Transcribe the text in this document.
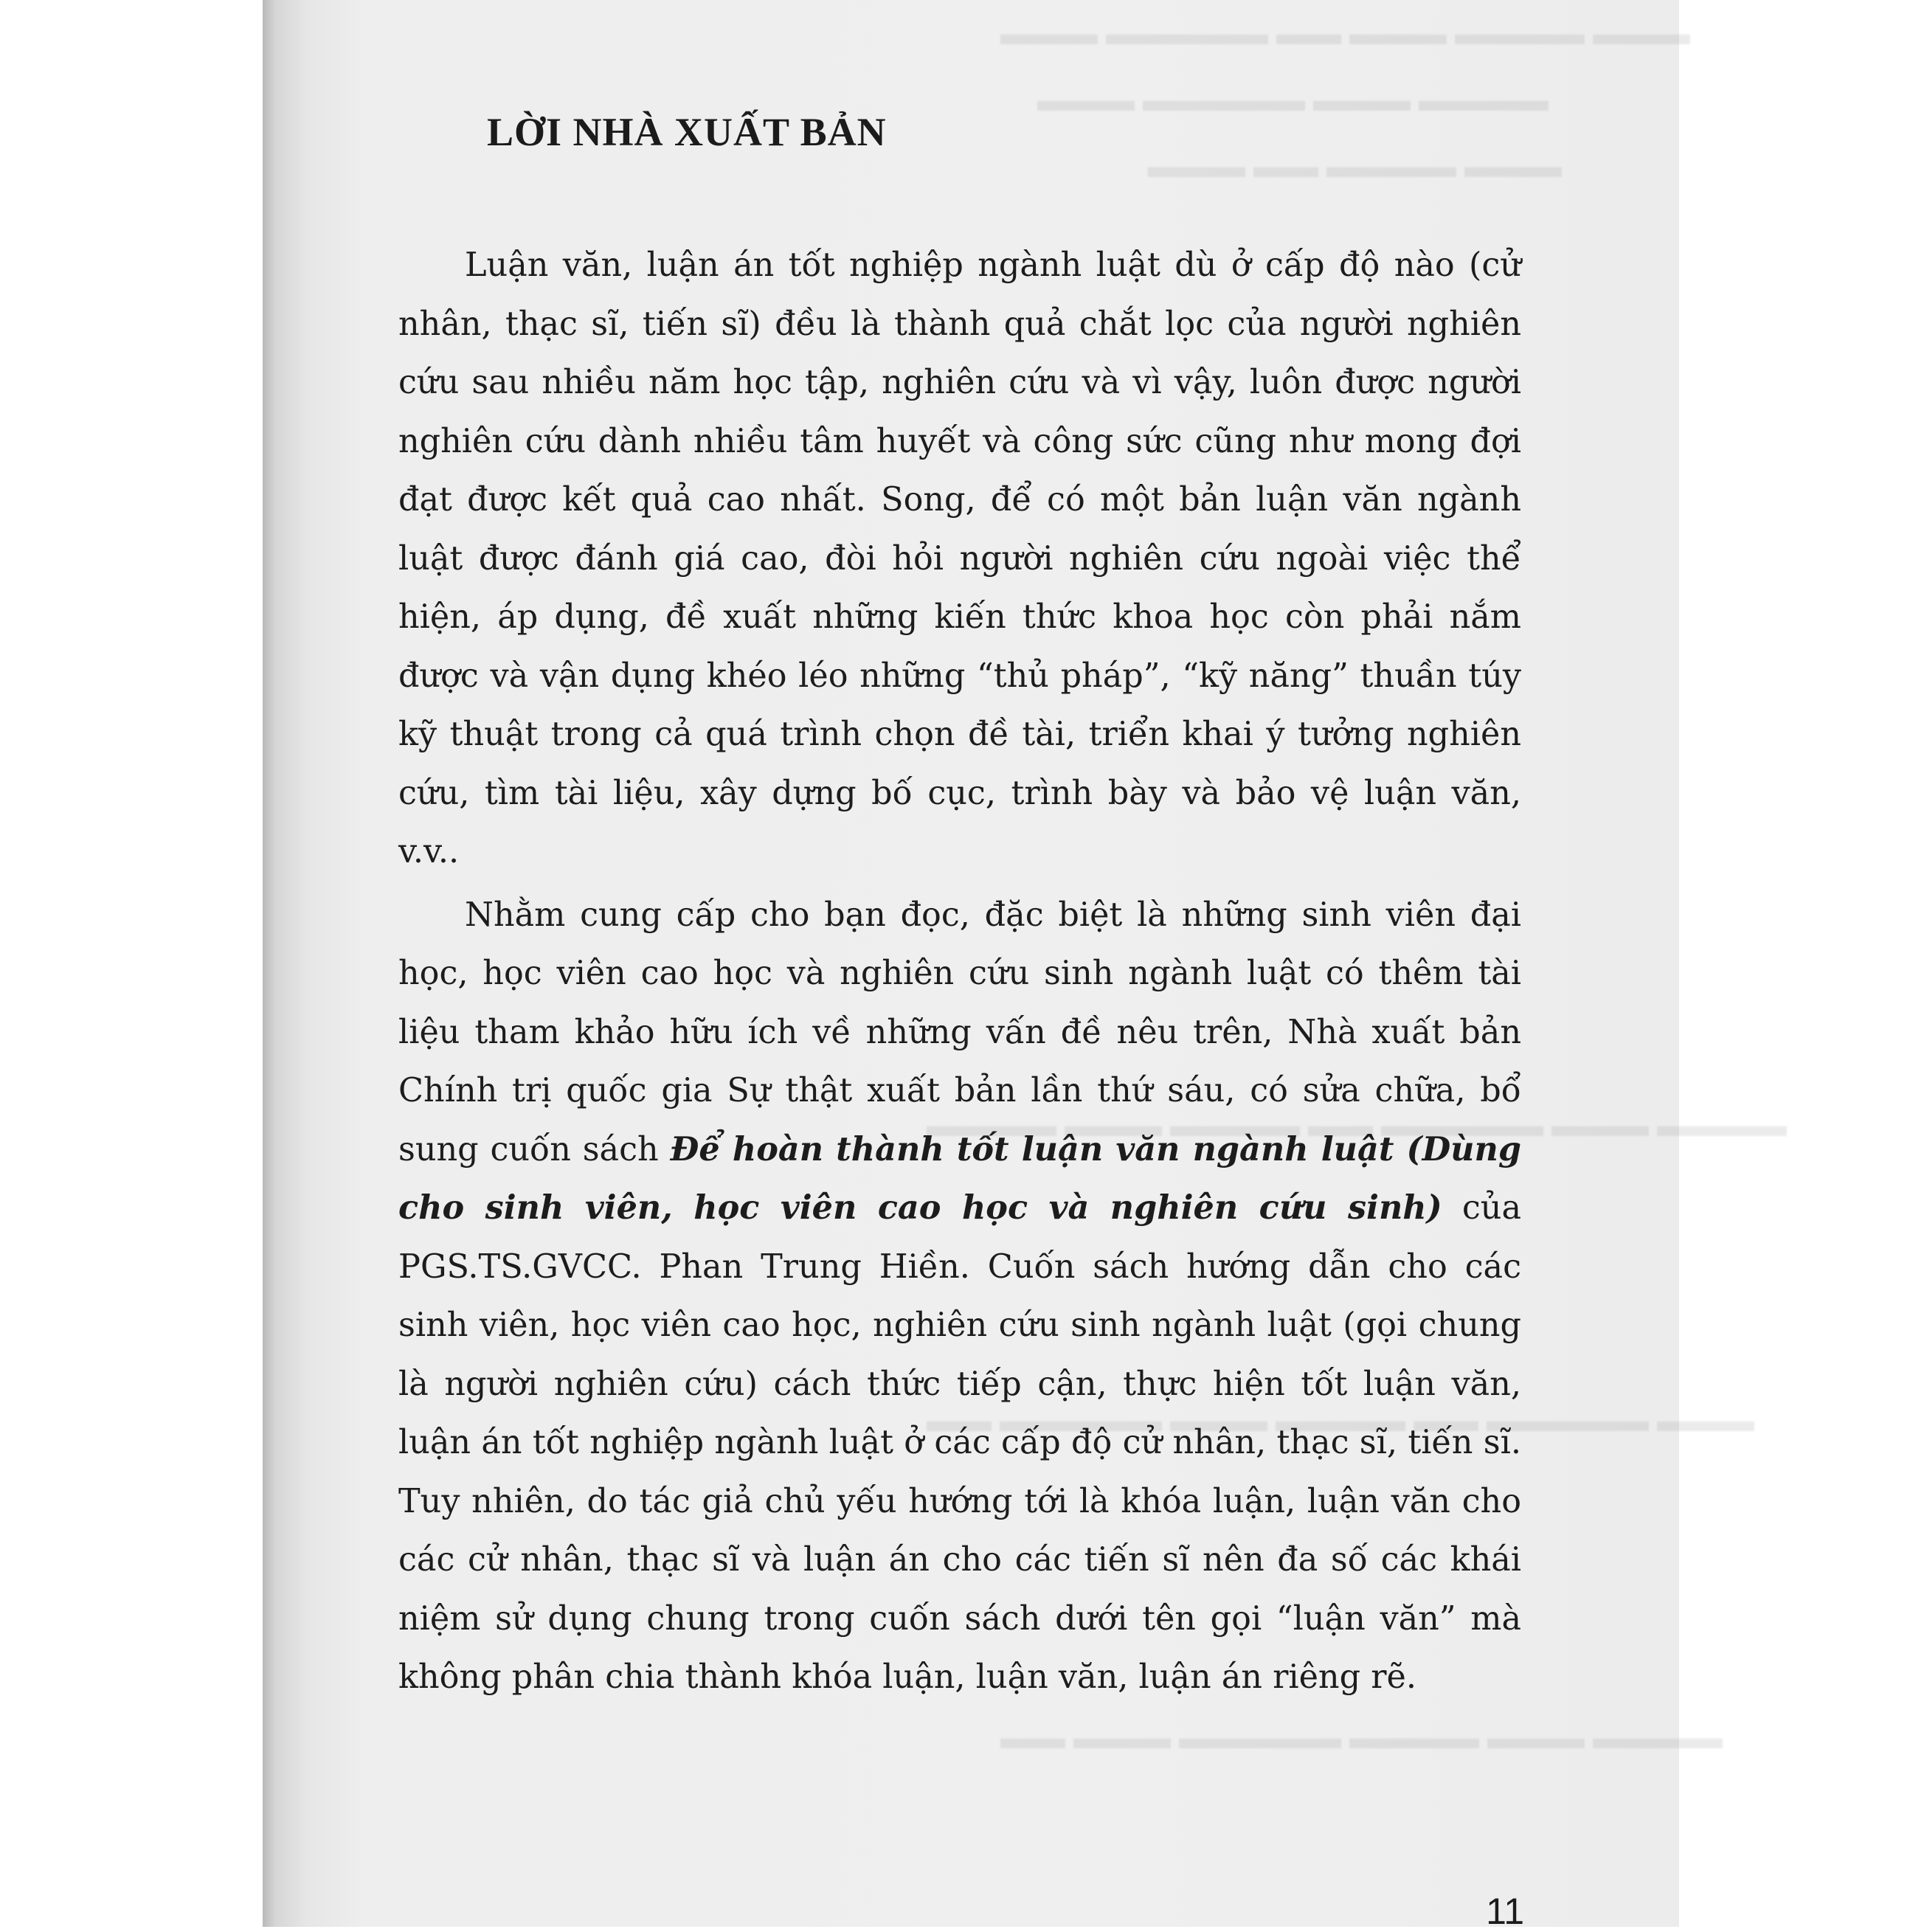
▬▬▬ ▬▬▬▬ ▬▬▬ ▬▬ ▬▬▬▬▬ ▬▬▬
▬▬▬▬ ▬▬▬ ▬▬▬▬▬ ▬▬▬
▬▬▬ ▬▬▬▬ ▬▬ ▬▬▬
▬▬▬▬ ▬▬▬ ▬▬▬▬▬ ▬▬ ▬▬▬▬ ▬▬▬ ▬▬▬▬
▬▬▬ ▬▬▬▬▬ ▬▬ ▬▬▬▬ ▬▬▬ ▬▬▬▬▬ ▬▬
▬▬▬▬ ▬▬▬ ▬▬▬▬ ▬▬▬▬▬ ▬▬▬ ▬▬
LỜI NHÀ XUẤT BẢN

Luận văn, luận án tốt nghiệp ngành luật dù ở cấp độ nào (cử nhân, thạc sĩ, tiến sĩ) đều là thành quả chắt lọc của người nghiên cứu sau nhiều năm học tập, nghiên cứu và vì vậy, luôn được người nghiên cứu dành nhiều tâm huyết và công sức cũng như mong đợi đạt được kết quả cao nhất. Song, để có một bản luận văn ngành luật được đánh giá cao, đòi hỏi người nghiên cứu ngoài việc thể hiện, áp dụng, đề xuất những kiến thức khoa học còn phải nắm được và vận dụng khéo léo những “thủ pháp”, “kỹ năng” thuần túy kỹ thuật trong cả quá trình chọn đề tài, triển khai ý tưởng nghiên cứu, tìm tài liệu, xây dựng bố cục, trình bày và bảo vệ luận văn, v.v..

Nhằm cung cấp cho bạn đọc, đặc biệt là những sinh viên đại học, học viên cao học và nghiên cứu sinh ngành luật có thêm tài liệu tham khảo hữu ích về những vấn đề nêu trên, Nhà xuất bản Chính trị quốc gia Sự thật xuất bản lần thứ sáu, có sửa chữa, bổ sung cuốn sách Để hoàn thành tốt luận văn ngành luật (Dùng cho sinh viên, học viên cao học và nghiên cứu sinh) của PGS.TS.GVCC. Phan Trung Hiền. Cuốn sách hướng dẫn cho các sinh viên, học viên cao học, nghiên cứu sinh ngành luật (gọi chung là người nghiên cứu) cách thức tiếp cận, thực hiện tốt luận văn, luận án tốt nghiệp ngành luật ở các cấp độ cử nhân, thạc sĩ, tiến sĩ. Tuy nhiên, do tác giả chủ yếu hướng tới là khóa luận, luận văn cho các cử nhân, thạc sĩ và luận án cho các tiến sĩ nên đa số các khái niệm sử dụng chung trong cuốn sách dưới tên gọi “luận văn” mà không phân chia thành khóa luận, luận văn, luận án riêng rẽ.

11
